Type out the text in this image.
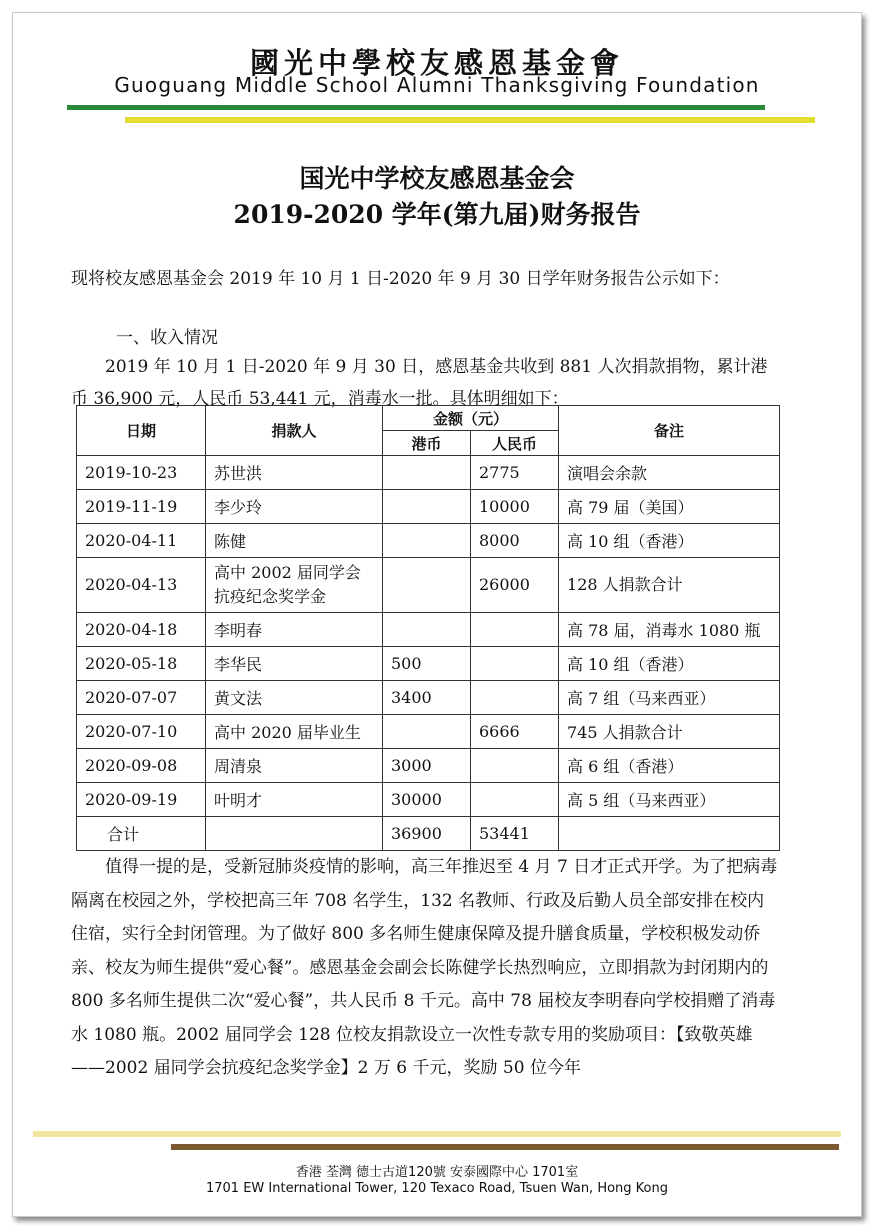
國光中學校友感恩基金會
Guoguang Middle School Alumni Thanksgiving Foundation
国光中学校友感恩基金会
2019-2020 学年(第九届)财务报告
现将校友感恩基金会 2019 年 10 月 1 日-2020 年 9 月 30 日学年财务报告公示如下：
一、收入情况
2019 年 10 月 1 日-2020 年 9 月 30 日，感恩基金共收到 881 人次捐款捐物，累计港币 36,900 元，人民币 53,441 元，消毒水一批。具体明细如下：
日期	捐款人	金额（元）		备注
		港币	人民币	
2019-10-23	苏世洪		2775	演唱会余款
2019-11-19	李少玲		10000	高 79 届（美国）
2020-04-11	陈健		8000	高 10 组（香港）
2020-04-13	高中 2002 届同学会抗疫纪念奖学金		26000	128 人捐款合计
2020-04-18	李明春			高 78 届，消毒水 1080 瓶
2020-05-18	李华民	500		高 10 组（香港）
2020-07-07	黄文法	3400		高 7 组（马来西亚）
2020-07-10	高中 2020 届毕业生		6666	745 人捐款合计
2020-09-08	周清泉	3000		高 6 组（香港）
2020-09-19	叶明才	30000		高 5 组（马来西亚）
合计		36900	53441	
值得一提的是，受新冠肺炎疫情的影响，高三年推迟至 4 月 7 日才正式开学。为了把病毒隔离在校园之外，学校把高三年 708 名学生，132 名教师、行政及后勤人员全部安排在校内住宿，实行全封闭管理。为了做好 800 多名师生健康保障及提升膳食质量，学校积极发动侨亲、校友为师生提供“爱心餐”。感恩基金会副会长陈健学长热烈响应，立即捐款为封闭期内的 800 多名师生提供二次“爱心餐”，共人民币 8 千元。高中 78 届校友李明春向学校捐赠了消毒水 1080 瓶。2002 届同学会 128 位校友捐款设立一次性专款专用的奖励项目：【致敬英雄——2002 届同学会抗疫纪念奖学金】2 万 6 千元，奖励 50 位今年
香港 荃灣 德士古道120號 安泰國際中心 1701室
1701 EW International Tower, 120 Texaco Road, Tsuen Wan, Hong Kong
